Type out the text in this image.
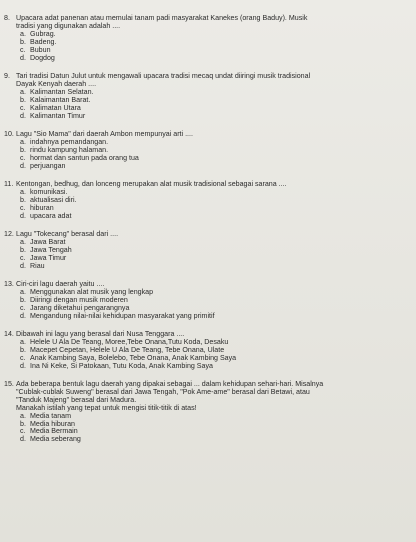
8. Upacara adat panenan atau memulai tanam padi masyarakat Kanekes (orang Baduy). Musik
tradisi yang digunakan adalah ....
a. Gubrag.
b. Badeng.
c. Bubun
d. Dogdog
9. Tari tradisi Datun Julut untuk mengawali upacara tradisi mecaq undat diiringi musik tradisional
Dayak Kenyah daerah ....
a. Kalimantan Selatan.
b. Kalaimantan Barat.
c. Kalimatan Utara
d. Kalimantan Timur
10. Lagu "Sio Mama" dari daerah Ambon mempunyai arti ....
a. indahnya pemandangan.
b. rindu kampung halaman.
c. hormat dan santun pada orang tua
d. perjuangan
11. Kentongan, bedhug, dan lonceng merupakan alat musik tradisional sebagai sarana ....
a. komunikasi.
b. aktualisasi diri.
c. hiburan
d. upacara adat
12. Lagu "Tokecang" berasal dari ....
a. Jawa Barat
b. Jawa Tengah
c. Jawa Timur
d. Riau
13. Ciri-ciri lagu daerah yaitu ....
a. Menggunakan alat musik yang lengkap
b. Diiringi dengan musik moderen
c. Jarang diketahui pengarangnya
d. Mengandung nilai-nilai kehidupan masyarakat yang primitif
14. Dibawah ini lagu yang berasal dari Nusa Tenggara ....
a. Helele U Ala De Teang, Moree,Tebe Onana,Tutu Koda, Desaku
b. Macepet Cepetan, Helele U Ala De Teang, Tebe Onana, Ulate
c. Anak Kambing Saya, Bolelebo, Tebe Onana, Anak Kambing Saya
d. Ina Ni Keke, Si Patokaan, Tutu Koda, Anak Kambing Saya
15. Ada beberapa bentuk lagu daerah yang dipakai sebagai ... dalam kehidupan sehari-hari. Misalnya
"Cublak-cublak Suweng" berasal dari Jawa Tengah, "Pok Ame-ame" berasal dari Betawi, atau
"Tanduk Majeng" berasal dari Madura.
Manakah istilah yang tepat untuk mengisi titik-titik di atas!
a. Media tanam
b. Media hiburan
c. Media Bermain
d. Media seberang
